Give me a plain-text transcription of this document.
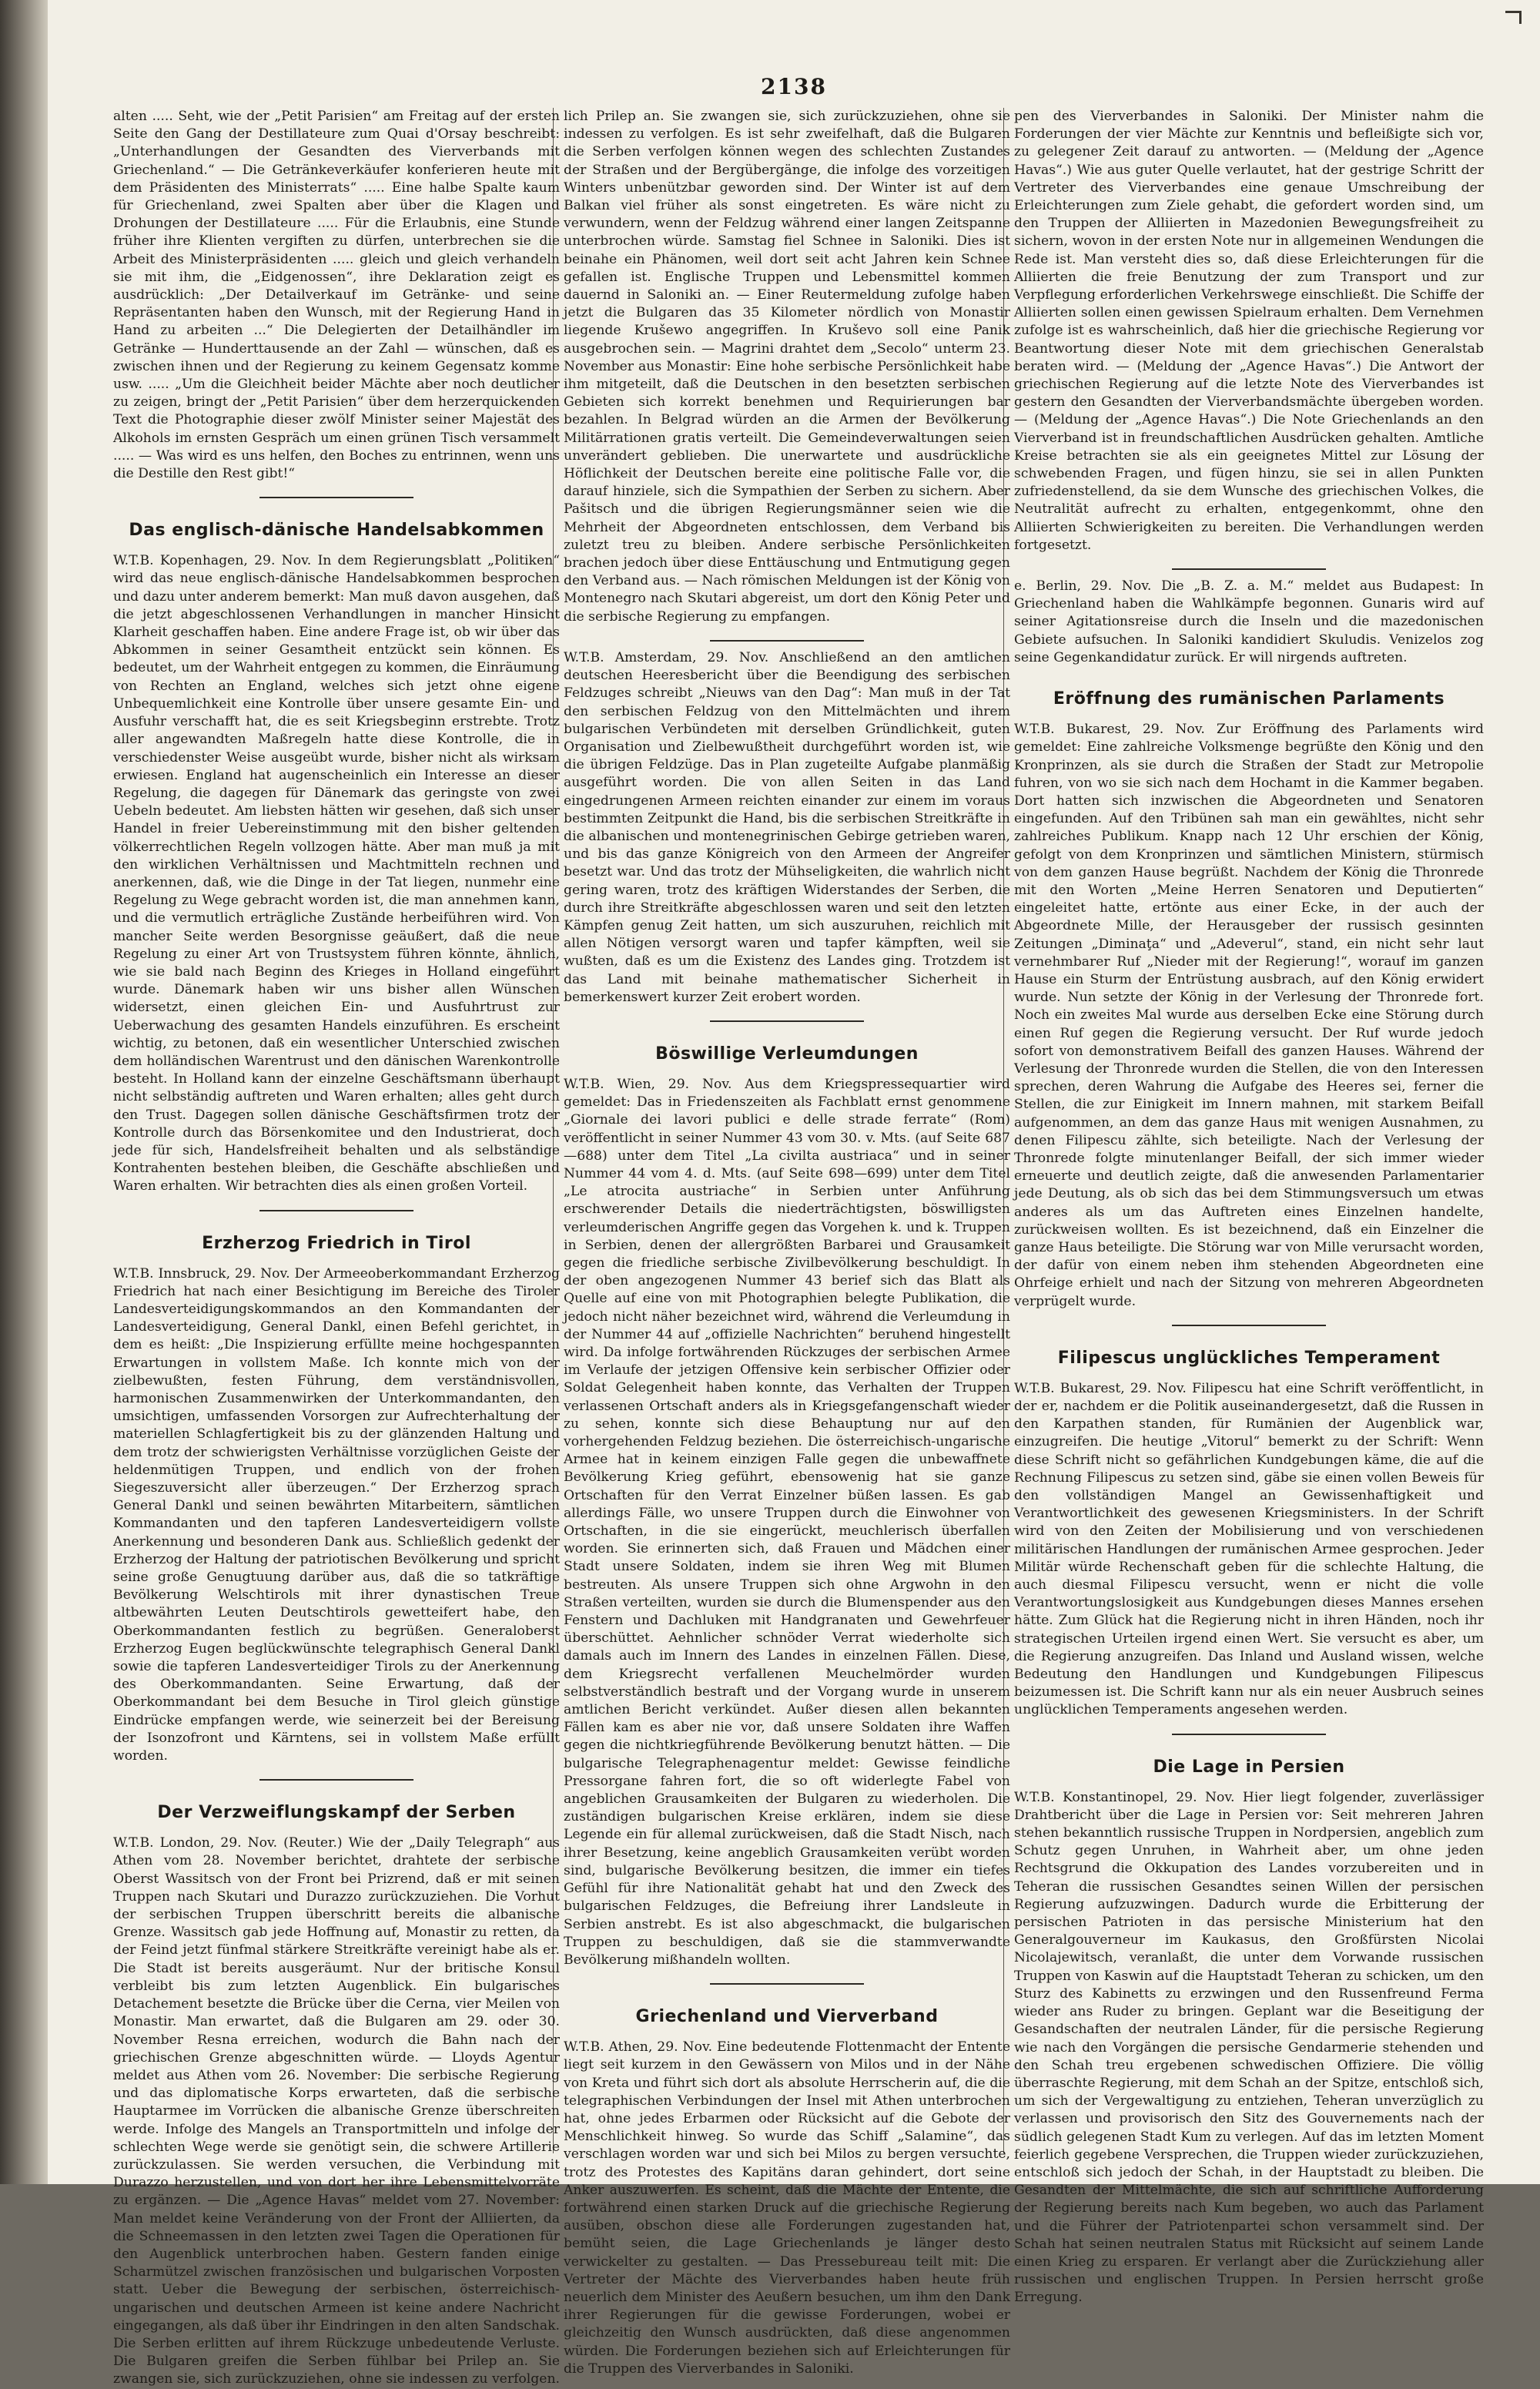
2138

alten ..... Seht, wie der „Petit Parisien“ am Freitag auf der ersten Seite den Gang der Destillateure zum Quai d'Orsay beschreibt: „Unterhandlungen der Gesandten des Vierverbands mit Griechenland.“ — Die Getränkeverkäufer konferieren heute mit dem Präsidenten des Ministerrats“ ..... Eine halbe Spalte kaum für Griechenland, zwei Spalten aber über die Klagen und Drohungen der Destillateure ..... Für die Erlaubnis, eine Stunde früher ihre Klienten vergiften zu dürfen, unterbrechen sie die Arbeit des Ministerpräsidenten ..... gleich und gleich verhandeln sie mit ihm, die „Eidgenossen“, ihre Deklaration zeigt es ausdrücklich: „Der Detailverkauf im Getränke- und seine Repräsentanten haben den Wunsch, mit der Regierung Hand in Hand zu arbeiten ...“ Die Delegierten der Detailhändler im Getränke — Hunderttausende an der Zahl — wünschen, daß es zwischen ihnen und der Regierung zu keinem Gegensatz komme usw. ..... „Um die Gleichheit beider Mächte aber noch deutlicher zu zeigen, bringt der „Petit Parisien“ über dem herzerquickenden Text die Photographie dieser zwölf Minister seiner Majestät des Alkohols im ernsten Gespräch um einen grünen Tisch versammelt ..... — Was wird es uns helfen, den Boches zu entrinnen, wenn uns die Destille den Rest gibt!“

Das englisch-dänische Handelsabkommen

W.T.B. Kopenhagen, 29. Nov. In dem Regierungsblatt „Politiken“ wird das neue englisch-dänische Handelsabkommen besprochen und dazu unter anderem bemerkt: Man muß davon ausgehen, daß die jetzt abgeschlossenen Verhandlungen in mancher Hinsicht Klarheit geschaffen haben. Eine andere Frage ist, ob wir über das Abkommen in seiner Gesamtheit entzückt sein können. Es bedeutet, um der Wahrheit entgegen zu kommen, die Einräumung von Rechten an England, welches sich jetzt ohne eigene Unbequemlichkeit eine Kontrolle über unsere gesamte Ein- und Ausfuhr verschafft hat, die es seit Kriegsbeginn erstrebte. Trotz aller angewandten Maßregeln hatte diese Kontrolle, die in verschiedenster Weise ausgeübt wurde, bisher nicht als wirksam erwiesen. England hat augenscheinlich ein Interesse an dieser Regelung, die dagegen für Dänemark das geringste von zwei Uebeln bedeutet. Am liebsten hätten wir gesehen, daß sich unser Handel in freier Uebereinstimmung mit den bisher geltenden völkerrechtlichen Regeln vollzogen hätte. Aber man muß ja mit den wirklichen Verhältnissen und Machtmitteln rechnen und anerkennen, daß, wie die Dinge in der Tat liegen, nunmehr eine Regelung zu Wege gebracht worden ist, die man annehmen kann, und die vermutlich erträgliche Zustände herbeiführen wird. Von mancher Seite werden Besorgnisse geäußert, daß die neue Regelung zu einer Art von Trustsystem führen könnte, ähnlich, wie sie bald nach Beginn des Krieges in Holland eingeführt wurde. Dänemark haben wir uns bisher allen Wünschen widersetzt, einen gleichen Ein- und Ausfuhrtrust zur Ueberwachung des gesamten Handels einzuführen. Es erscheint wichtig, zu betonen, daß ein wesentlicher Unterschied zwischen dem holländischen Warentrust und den dänischen Warenkontrolle besteht. In Holland kann der einzelne Geschäftsmann überhaupt nicht selbständig auftreten und Waren erhalten; alles geht durch den Trust. Dagegen sollen dänische Geschäftsfirmen trotz der Kontrolle durch das Börsenkomitee und den Industrierat, doch jede für sich, Handelsfreiheit behalten und als selbständige Kontrahenten bestehen bleiben, die Geschäfte abschließen und Waren erhalten. Wir betrachten dies als einen großen Vorteil.

Erzherzog Friedrich in Tirol

W.T.B. Innsbruck, 29. Nov. Der Armeeoberkommandant Erzherzog Friedrich hat nach einer Besichtigung im Bereiche des Tiroler Landesverteidigungskommandos an den Kommandanten der Landesverteidigung, General Dankl, einen Befehl gerichtet, in dem es heißt: „Die Inspizierung erfüllte meine hochgespannten Erwartungen in vollstem Maße. Ich konnte mich von der zielbewußten, festen Führung, dem verständnisvollen, harmonischen Zusammenwirken der Unterkommandanten, den umsichtigen, umfassenden Vorsorgen zur Aufrechterhaltung der materiellen Schlagfertigkeit bis zu der glänzenden Haltung und dem trotz der schwierigsten Verhältnisse vorzüglichen Geiste der heldenmütigen Truppen, und endlich von der frohen Siegeszuversicht aller überzeugen.“ Der Erzherzog sprach General Dankl und seinen bewährten Mitarbeitern, sämtlichen Kommandanten und den tapferen Landesverteidigern vollste Anerkennung und besonderen Dank aus. Schließlich gedenkt der Erzherzog der Haltung der patriotischen Bevölkerung und spricht seine große Genugtuung darüber aus, daß die so tatkräftige Bevölkerung Welschtirols mit ihrer dynastischen Treue altbewährten Leuten Deutschtirols gewetteifert habe, den Oberkommandanten festlich zu begrüßen. Generaloberst Erzherzog Eugen beglückwünschte telegraphisch General Dankl sowie die tapferen Landesverteidiger Tirols zu der Anerkennung des Oberkommandanten. Seine Erwartung, daß der Oberkommandant bei dem Besuche in Tirol gleich günstige Eindrücke empfangen werde, wie seinerzeit bei der Bereisung der Isonzofront und Kärntens, sei in vollstem Maße erfüllt worden.

Der Verzweiflungskampf der Serben

W.T.B. London, 29. Nov. (Reuter.) Wie der „Daily Telegraph“ aus Athen vom 28. November berichtet, drahtete der serbische Oberst Wassitsch von der Front bei Prizrend, daß er mit seinen Truppen nach Skutari und Durazzo zurückzuziehen. Die Vorhut der serbischen Truppen überschritt bereits die albanische Grenze. Wassitsch gab jede Hoffnung auf, Monastir zu retten, da der Feind jetzt fünfmal stärkere Streitkräfte vereinigt habe als er. Die Stadt ist bereits ausgeräumt. Nur der britische Konsul verbleibt bis zum letzten Augenblick. Ein bulgarisches Detachement besetzte die Brücke über die Cerna, vier Meilen von Monastir. Man erwartet, daß die Bulgaren am 29. oder 30. November Resna erreichen, wodurch die Bahn nach der griechischen Grenze abgeschnitten würde. — Lloyds Agentur meldet aus Athen vom 26. November: Die serbische Regierung und das diplomatische Korps erwarteten, daß die serbische Hauptarmee im Vorrücken die albanische Grenze überschreiten werde. Infolge des Mangels an Transportmitteln und infolge der schlechten Wege werde sie genötigt sein, die schwere Artillerie zurückzulassen. Sie werden versuchen, die Verbindung mit Durazzo herzustellen, und von dort her ihre Lebensmittelvorräte zu ergänzen. — Die „Agence Havas“ meldet vom 27. November: Man meldet keine Veränderung von der Front der Alliierten, da die Schneemassen in den letzten zwei Tagen die Operationen für den Augenblick unterbrochen haben. Gestern fanden einige Scharmützel zwischen französischen und bulgarischen Vorposten statt. Ueber die Bewegung der serbischen, österreichisch-ungarischen und deutschen Armeen ist keine andere Nachricht eingegangen, als daß über ihr Eindringen in den alten Sandschak. Die Serben erlitten auf ihrem Rückzuge unbedeutende Verluste. Die Bulgaren greifen die Serben fühlbar bei Prilep an. Sie zwangen sie, sich zurückzuziehen, ohne sie indessen zu verfolgen.

lich Prilep an. Sie zwangen sie, sich zurückzuziehen, ohne sie indessen zu verfolgen. Es ist sehr zweifelhaft, daß die Bulgaren die Serben verfolgen können wegen des schlechten Zustandes der Straßen und der Bergübergänge, die infolge des vorzeitigen Winters unbenützbar geworden sind. Der Winter ist auf dem Balkan viel früher als sonst eingetreten. Es wäre nicht zu verwundern, wenn der Feldzug während einer langen Zeitspanne unterbrochen würde. Samstag fiel Schnee in Saloniki. Dies ist beinahe ein Phänomen, weil dort seit acht Jahren kein Schnee gefallen ist. Englische Truppen und Lebensmittel kommen dauernd in Saloniki an. — Einer Reutermeldung zufolge haben jetzt die Bulgaren das 35 Kilometer nördlich von Monastir liegende Krušewo angegriffen. In Kruševo soll eine Panik ausgebrochen sein. — Magrini drahtet dem „Secolo“ unterm 23. November aus Monastir: Eine hohe serbische Persönlichkeit habe ihm mitgeteilt, daß die Deutschen in den besetzten serbischen Gebieten sich korrekt benehmen und Requirierungen bar bezahlen. In Belgrad würden an die Armen der Bevölkerung Militärrationen gratis verteilt. Die Gemeindeverwaltungen seien unverändert geblieben. Die unerwartete und ausdrückliche Höflichkeit der Deutschen bereite eine politische Falle vor, die darauf hinziele, sich die Sympathien der Serben zu sichern. Aber Pašitsch und die übrigen Regierungsmänner seien wie die Mehrheit der Abgeordneten entschlossen, dem Verband bis zuletzt treu zu bleiben. Andere serbische Persönlichkeiten brachen jedoch über diese Enttäuschung und Entmutigung gegen den Verband aus. — Nach römischen Meldungen ist der König von Montenegro nach Skutari abgereist, um dort den König Peter und die serbische Regierung zu empfangen.

W.T.B. Amsterdam, 29. Nov. Anschließend an den amtlichen deutschen Heeresbericht über die Beendigung des serbischen Feldzuges schreibt „Nieuws van den Dag“: Man muß in der Tat den serbischen Feldzug von den Mittelmächten und ihrem bulgarischen Verbündeten mit derselben Gründlichkeit, guten Organisation und Zielbewußtheit durchgeführt worden ist, wie die übrigen Feldzüge. Das in Plan zugeteilte Aufgabe planmäßig ausgeführt worden. Die von allen Seiten in das Land eingedrungenen Armeen reichten einander zur einem im voraus bestimmten Zeitpunkt die Hand, bis die serbischen Streitkräfte in die albanischen und montenegrinischen Gebirge getrieben waren, und bis das ganze Königreich von den Armeen der Angreifer besetzt war. Und das trotz der Mühseligkeiten, die wahrlich nicht gering waren, trotz des kräftigen Widerstandes der Serben, die durch ihre Streitkräfte abgeschlossen waren und seit den letzten Kämpfen genug Zeit hatten, um sich auszuruhen, reichlich mit allen Nötigen versorgt waren und tapfer kämpften, weil sie wußten, daß es um die Existenz des Landes ging. Trotzdem ist das Land mit beinahe mathematischer Sicherheit in bemerkenswert kurzer Zeit erobert worden.

Böswillige Verleumdungen

W.T.B. Wien, 29. Nov. Aus dem Kriegspressequartier wird gemeldet: Das in Friedenszeiten als Fachblatt ernst genommene „Giornale dei lavori publici e delle strade ferrate“ (Rom) veröffentlicht in seiner Nummer 43 vom 30. v. Mts. (auf Seite 687—688) unter dem Titel „La civilta austriaca“ und in seiner Nummer 44 vom 4. d. Mts. (auf Seite 698—699) unter dem Titel „Le atrocita austriache“ in Serbien unter Anführung erschwerender Details die niederträchtigsten, böswilligsten verleumderischen Angriffe gegen das Vorgehen k. und k. Truppen in Serbien, denen der allergrößten Barbarei und Grausamkeit gegen die friedliche serbische Zivilbevölkerung beschuldigt. In der oben angezogenen Nummer 43 berief sich das Blatt als Quelle auf eine von mit Photographien belegte Publikation, die jedoch nicht näher bezeichnet wird, während die Verleumdung in der Nummer 44 auf „offizielle Nachrichten“ beruhend hingestellt wird. Da infolge fortwährenden Rückzuges der serbischen Armee im Verlaufe der jetzigen Offensive kein serbischer Offizier oder Soldat Gelegenheit haben konnte, das Verhalten der Truppen verlassenen Ortschaft anders als in Kriegsgefangenschaft wieder zu sehen, konnte sich diese Behauptung nur auf den vorhergehenden Feldzug beziehen. Die österreichisch-ungarische Armee hat in keinem einzigen Falle gegen die unbewaffnete Bevölkerung Krieg geführt, ebensowenig hat sie ganze Ortschaften für den Verrat Einzelner büßen lassen. Es gab allerdings Fälle, wo unsere Truppen durch die Einwohner von Ortschaften, in die sie eingerückt, meuchlerisch überfallen worden. Sie erinnerten sich, daß Frauen und Mädchen einer Stadt unsere Soldaten, indem sie ihren Weg mit Blumen bestreuten. Als unsere Truppen sich ohne Argwohn in den Straßen verteilten, wurden sie durch die Blumenspender aus den Fenstern und Dachluken mit Handgranaten und Gewehrfeuer überschüttet. Aehnlicher schnöder Verrat wiederholte sich damals auch im Innern des Landes in einzelnen Fällen. Diese, dem Kriegsrecht verfallenen Meuchelmörder wurden selbstverständlich bestraft und der Vorgang wurde in unserem amtlichen Bericht verkündet. Außer diesen allen bekannten Fällen kam es aber nie vor, daß unsere Soldaten ihre Waffen gegen die nichtkriegführende Bevölkerung benutzt hätten. — Die bulgarische Telegraphenagentur meldet: Gewisse feindliche Pressorgane fahren fort, die so oft widerlegte Fabel von angeblichen Grausamkeiten der Bulgaren zu wiederholen. Die zuständigen bulgarischen Kreise erklären, indem sie diese Legende ein für allemal zurückweisen, daß die Stadt Nisch, nach ihrer Besetzung, keine angeblich Grausamkeiten verübt worden sind, bulgarische Bevölkerung besitzen, die immer ein tiefes Gefühl für ihre Nationalität gehabt hat und den Zweck des bulgarischen Feldzuges, die Befreiung ihrer Landsleute in Serbien anstrebt. Es ist also abgeschmackt, die bulgarischen Truppen zu beschuldigen, daß sie die stammverwandte Bevölkerung mißhandeln wollten.

Griechenland und Vierverband

W.T.B. Athen, 29. Nov. Eine bedeutende Flottenmacht der Entente liegt seit kurzem in den Gewässern von Milos und in der Nähe von Kreta und führt sich dort als absolute Herrscherin auf, die die telegraphischen Verbindungen der Insel mit Athen unterbrochen hat, ohne jedes Erbarmen oder Rücksicht auf die Gebote der Menschlichkeit hinweg. So wurde das Schiff „Salamine“, das verschlagen worden war und sich bei Milos zu bergen versuchte, trotz des Protestes des Kapitäns daran gehindert, dort seine Anker auszuwerfen. Es scheint, daß die Mächte der Entente, die fortwährend einen starken Druck auf die griechische Regierung ausüben, obschon diese alle Forderungen zugestanden hat, bemüht seien, die Lage Griechenlands je länger desto verwickelter zu gestalten. — Das Pressebureau teilt mit: Die Vertreter der Mächte des Vierverbandes haben heute früh neuerlich dem Minister des Aeußern besuchen, um ihm den Dank ihrer Regierungen für die gewisse Forderungen, wobei er gleichzeitig den Wunsch ausdrückten, daß diese angenommen würden. Die Forderungen beziehen sich auf Erleichterungen für die Truppen des Vierverbandes in Saloniki.

pen des Vierverbandes in Saloniki. Der Minister nahm die Forderungen der vier Mächte zur Kenntnis und befleißigte sich vor, zu gelegener Zeit darauf zu antworten. — (Meldung der „Agence Havas“.) Wie aus guter Quelle verlautet, hat der gestrige Schritt der Vertreter des Vierverbandes eine genaue Umschreibung der Erleichterungen zum Ziele gehabt, die gefordert worden sind, um den Truppen der Alliierten in Mazedonien Bewegungsfreiheit zu sichern, wovon in der ersten Note nur in allgemeinen Wendungen die Rede ist. Man versteht dies so, daß diese Erleichterungen für die Alliierten die freie Benutzung der zum Transport und zur Verpflegung erforderlichen Verkehrswege einschließt. Die Schiffe der Alliierten sollen einen gewissen Spielraum erhalten. Dem Vernehmen zufolge ist es wahrscheinlich, daß hier die griechische Regierung vor Beantwortung dieser Note mit dem griechischen Generalstab beraten wird. — (Meldung der „Agence Havas“.) Die Antwort der griechischen Regierung auf die letzte Note des Vierverbandes ist gestern den Gesandten der Vierverbandsmächte übergeben worden. — (Meldung der „Agence Havas“.) Die Note Griechenlands an den Vierverband ist in freundschaftlichen Ausdrücken gehalten. Amtliche Kreise betrachten sie als ein geeignetes Mittel zur Lösung der schwebenden Fragen, und fügen hinzu, sie sei in allen Punkten zufriedenstellend, da sie dem Wunsche des griechischen Volkes, die Neutralität aufrecht zu erhalten, entgegenkommt, ohne den Alliierten Schwierigkeiten zu bereiten. Die Verhandlungen werden fortgesetzt.

e. Berlin, 29. Nov. Die „B. Z. a. M.“ meldet aus Budapest: In Griechenland haben die Wahlkämpfe begonnen. Gunaris wird auf seiner Agitationsreise durch die Inseln und die mazedonischen Gebiete aufsuchen. In Saloniki kandidiert Skuludis. Venizelos zog seine Gegenkandidatur zurück. Er will nirgends auftreten.

Eröffnung des rumänischen Parlaments

W.T.B. Bukarest, 29. Nov. Zur Eröffnung des Parlaments wird gemeldet: Eine zahlreiche Volksmenge begrüßte den König und den Kronprinzen, als sie durch die Straßen der Stadt zur Metropolie fuhren, von wo sie sich nach dem Hochamt in die Kammer begaben. Dort hatten sich inzwischen die Abgeordneten und Senatoren eingefunden. Auf den Tribünen sah man ein gewähltes, nicht sehr zahlreiches Publikum. Knapp nach 12 Uhr erschien der König, gefolgt von dem Kronprinzen und sämtlichen Ministern, stürmisch von dem ganzen Hause begrüßt. Nachdem der König die Thronrede mit den Worten „Meine Herren Senatoren und Deputierten“ eingeleitet hatte, ertönte aus einer Ecke, in der auch der Abgeordnete Mille, der Herausgeber der russisch gesinnten Zeitungen „Diminaţa“ und „Adeverul“, stand, ein nicht sehr laut vernehmbarer Ruf „Nieder mit der Regierung!“, worauf im ganzen Hause ein Sturm der Entrüstung ausbrach, auf den König erwidert wurde. Nun setzte der König in der Verlesung der Thronrede fort. Noch ein zweites Mal wurde aus derselben Ecke eine Störung durch einen Ruf gegen die Regierung versucht. Der Ruf wurde jedoch sofort von demonstrativem Beifall des ganzen Hauses. Während der Verlesung der Thronrede wurden die Stellen, die von den Interessen sprechen, deren Wahrung die Aufgabe des Heeres sei, ferner die Stellen, die zur Einigkeit im Innern mahnen, mit starkem Beifall aufgenommen, an dem das ganze Haus mit wenigen Ausnahmen, zu denen Filipescu zählte, sich beteiligte. Nach der Verlesung der Thronrede folgte minutenlanger Beifall, der sich immer wieder erneuerte und deutlich zeigte, daß die anwesenden Parlamentarier jede Deutung, als ob sich das bei dem Stimmungsversuch um etwas anderes als um das Auftreten eines Einzelnen handelte, zurückweisen wollten. Es ist bezeichnend, daß ein Einzelner die ganze Haus beteiligte. Die Störung war von Mille verursacht worden, der dafür von einem neben ihm stehenden Abgeordneten eine Ohrfeige erhielt und nach der Sitzung von mehreren Abgeordneten verprügelt wurde.

Filipescus unglückliches Temperament

W.T.B. Bukarest, 29. Nov. Filipescu hat eine Schrift veröffentlicht, in der er, nachdem er die Politik auseinandergesetzt, daß die Russen in den Karpathen standen, für Rumänien der Augenblick war, einzugreifen. Die heutige „Vitorul“ bemerkt zu der Schrift: Wenn diese Schrift nicht so gefährlichen Kundgebungen käme, die auf die Rechnung Filipescus zu setzen sind, gäbe sie einen vollen Beweis für den vollständigen Mangel an Gewissenhaftigkeit und Verantwortlichkeit des gewesenen Kriegsministers. In der Schrift wird von den Zeiten der Mobilisierung und von verschiedenen militärischen Handlungen der rumänischen Armee gesprochen. Jeder Militär würde Rechenschaft geben für die schlechte Haltung, die auch diesmal Filipescu versucht, wenn er nicht die volle Verantwortungslosigkeit aus Kundgebungen dieses Mannes ersehen hätte. Zum Glück hat die Regierung nicht in ihren Händen, noch ihr strategischen Urteilen irgend einen Wert. Sie versucht es aber, um die Regierung anzugreifen. Das Inland und Ausland wissen, welche Bedeutung den Handlungen und Kundgebungen Filipescus beizumessen ist. Die Schrift kann nur als ein neuer Ausbruch seines unglücklichen Temperaments angesehen werden.

Die Lage in Persien

W.T.B. Konstantinopel, 29. Nov. Hier liegt folgender, zuverlässiger Drahtbericht über die Lage in Persien vor: Seit mehreren Jahren stehen bekanntlich russische Truppen in Nordpersien, angeblich zum Schutz gegen Unruhen, in Wahrheit aber, um ohne jeden Rechtsgrund die Okkupation des Landes vorzubereiten und in Teheran die russischen Gesandtes seinen Willen der persischen Regierung aufzuzwingen. Dadurch wurde die Erbitterung der persischen Patrioten in das persische Ministerium hat den Generalgouverneur im Kaukasus, den Großfürsten Nicolai Nicolajewitsch, veranlaßt, die unter dem Vorwande russischen Truppen von Kaswin auf die Hauptstadt Teheran zu schicken, um den Sturz des Kabinetts zu erzwingen und den Russenfreund Ferma wieder ans Ruder zu bringen. Geplant war die Beseitigung der Gesandschaften der neutralen Länder, für die persische Regierung wie nach den Vorgängen die persische Gendarmerie stehenden und den Schah treu ergebenen schwedischen Offiziere. Die völlig überraschte Regierung, mit dem Schah an der Spitze, entschloß sich, um sich der Vergewaltigung zu entziehen, Teheran unverzüglich zu verlassen und provisorisch den Sitz des Gouvernements nach der südlich gelegenen Stadt Kum zu verlegen. Auf das im letzten Moment feierlich gegebene Versprechen, die Truppen wieder zurückzuziehen, entschloß sich jedoch der Schah, in der Hauptstadt zu bleiben. Die Gesandten der Mittelmächte, die sich auf schriftliche Aufforderung der Regierung bereits nach Kum begeben, wo auch das Parlament und die Führer der Patriotenpartei schon versammelt sind. Der Schah hat seinen neutralen Status mit Rücksicht auf seinem Lande einen Krieg zu ersparen. Er verlangt aber die Zurückziehung aller russischen und englischen Truppen. In Persien herrscht große Erregung.
